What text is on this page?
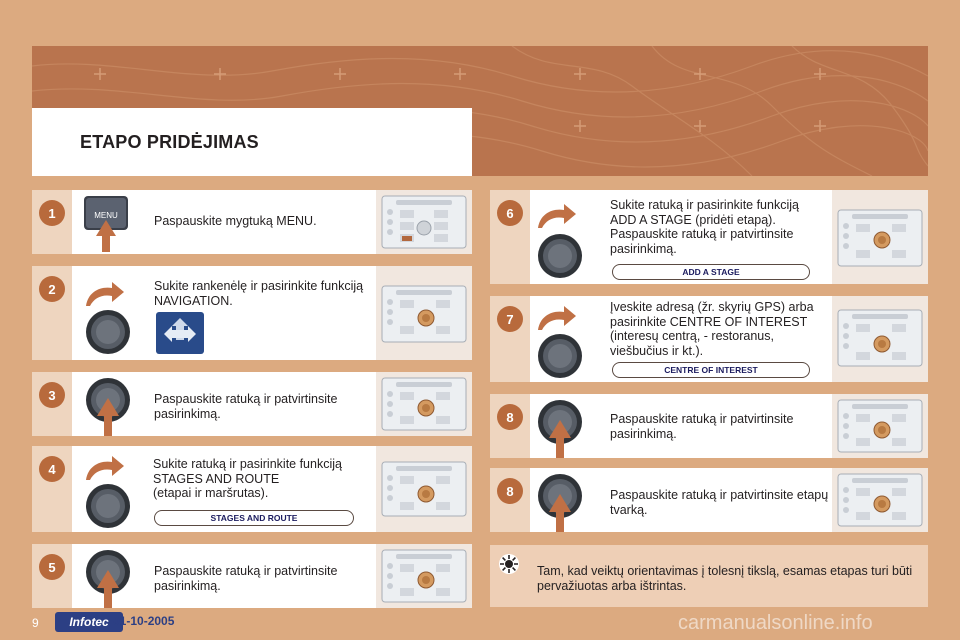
ETAPO PRIDĖJIMAS
1	MENU	Paspauskite mygtuką MENU.
2	Sukite rankenėlę ir pasirinkite funkciją
NAVIGATION.
3	Paspauskite ratuką ir patvirtinsite
pasirinkimą.
4	Sukite ratuką ir pasirinkite funkciją
STAGES AND ROUTE
(etapai ir maršrutas).
STAGES AND ROUTE
5	Paspauskite ratuką ir patvirtinsite
pasirinkimą.
6
Sukite ratuką ir pasirinkite funkciją
ADD A STAGE (pridėti etapą).
Paspauskite ratuką ir patvirtinsite
pasirinkimą.
ADD A STAGE
7
Įveskite adresą (žr. skyrių GPS) arba
pasirinkite CENTRE OF INTEREST
(interesų centrą, - restoranus,
viešbučius ir kt.).
CENTRE OF INTEREST
8	Paspauskite ratuką ir patvirtinsite
pasirinkimą.
8	Paspauskite ratuką ir patvirtinsite etapų
tvarką.
Tam, kad veiktų orientavimas į tolesnį tikslą, esamas etapas turi būti pervažiuotas arba ištrintas.
9	Infotec 01-10-2005	carmanualsonline.info
